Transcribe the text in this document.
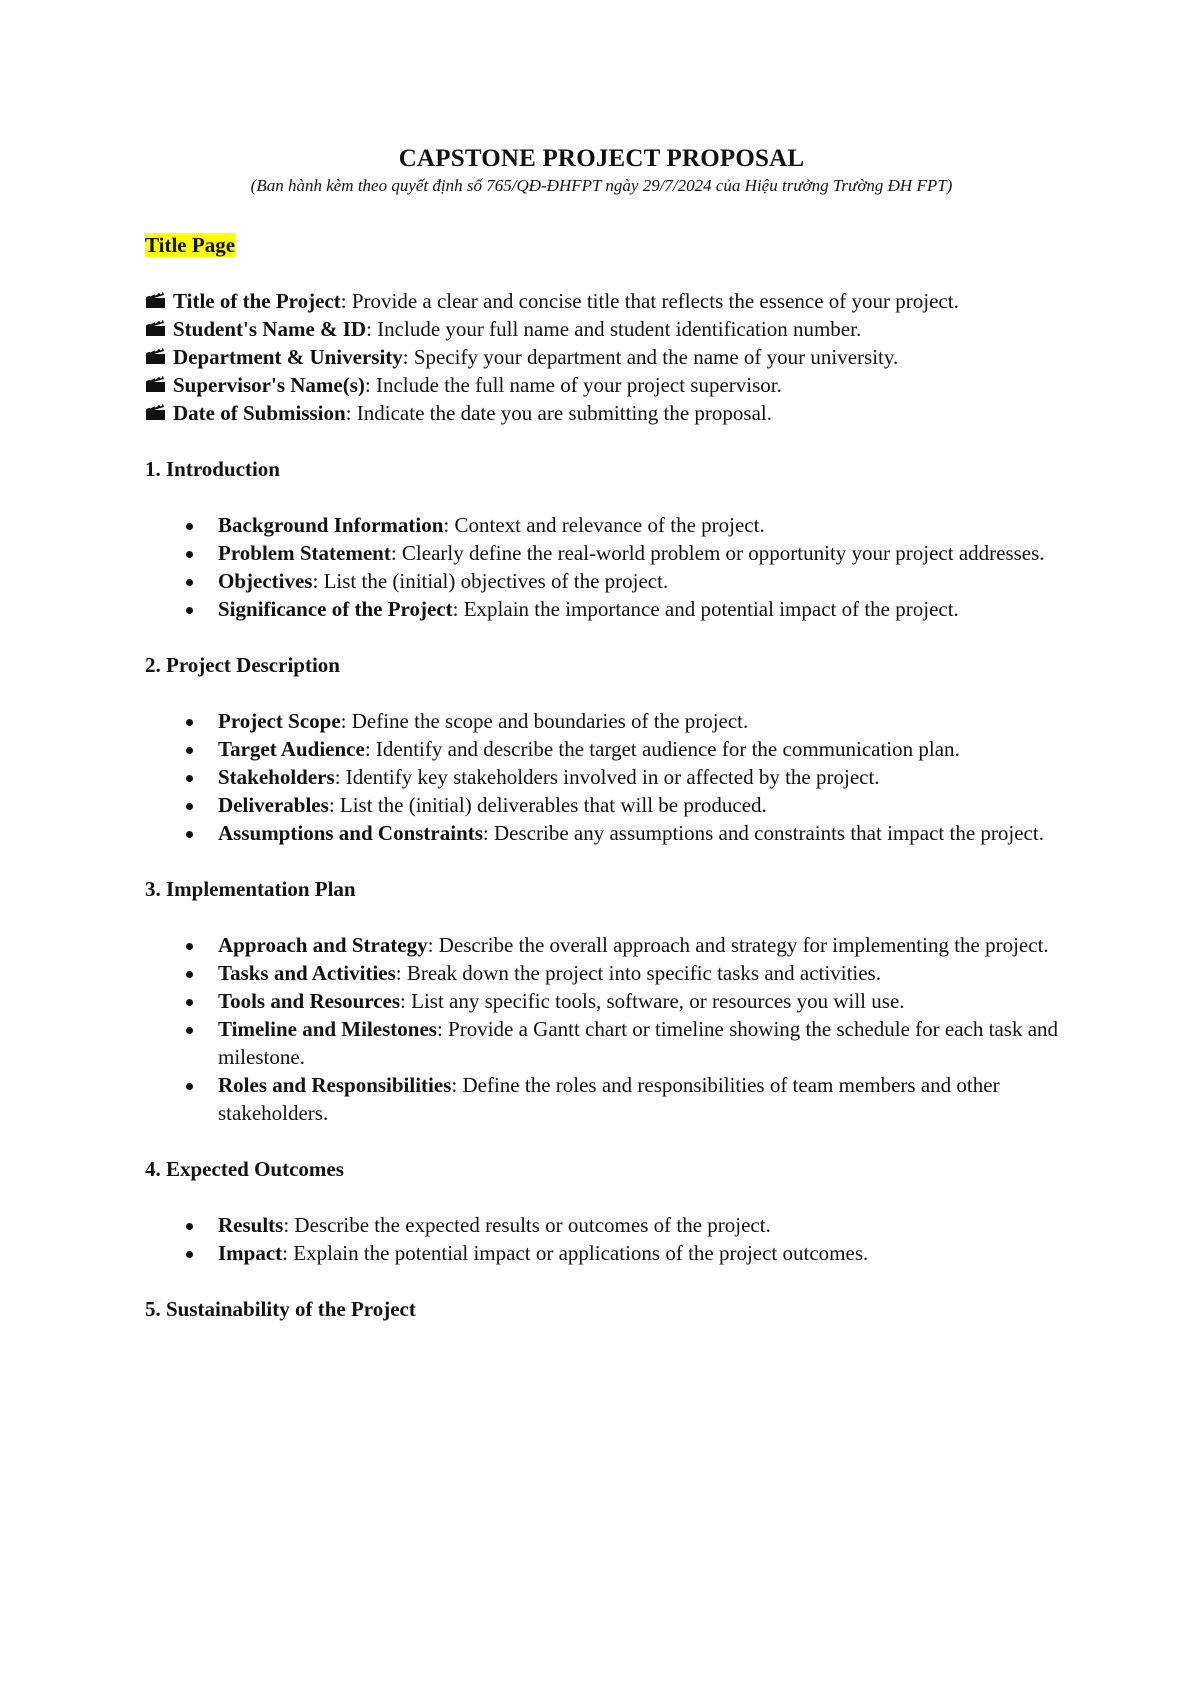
CAPSTONE PROJECT PROPOSAL

(Ban hành kèm theo quyết định số 765/QĐ-ĐHFPT ngày 29/7/2024 của Hiệu trưởng Trường ĐH FPT)

Title Page

Title of the Project: Provide a clear and concise title that reflects the essence of your project.

Student's Name & ID: Include your full name and student identification number.

Department & University: Specify your department and the name of your university.

Supervisor's Name(s): Include the full name of your project supervisor.

Date of Submission: Indicate the date you are submitting the proposal.

1. Introduction
Background Information: Context and relevance of the project.
Problem Statement: Clearly define the real-world problem or opportunity your project addresses.
Objectives: List the (initial) objectives of the project.
Significance of the Project: Explain the importance and potential impact of the project.
2. Project Description
Project Scope: Define the scope and boundaries of the project.
Target Audience: Identify and describe the target audience for the communication plan.
Stakeholders: Identify key stakeholders involved in or affected by the project.
Deliverables: List the (initial) deliverables that will be produced.
Assumptions and Constraints: Describe any assumptions and constraints that impact the project.
3. Implementation Plan
Approach and Strategy: Describe the overall approach and strategy for implementing the project.
Tasks and Activities: Break down the project into specific tasks and activities.
Tools and Resources: List any specific tools, software, or resources you will use.
Timeline and Milestones: Provide a Gantt chart or timeline showing the schedule for each task and milestone.
Roles and Responsibilities: Define the roles and responsibilities of team members and other stakeholders.
4. Expected Outcomes
Results: Describe the expected results or outcomes of the project.
Impact: Explain the potential impact or applications of the project outcomes.
5. Sustainability of the Project
